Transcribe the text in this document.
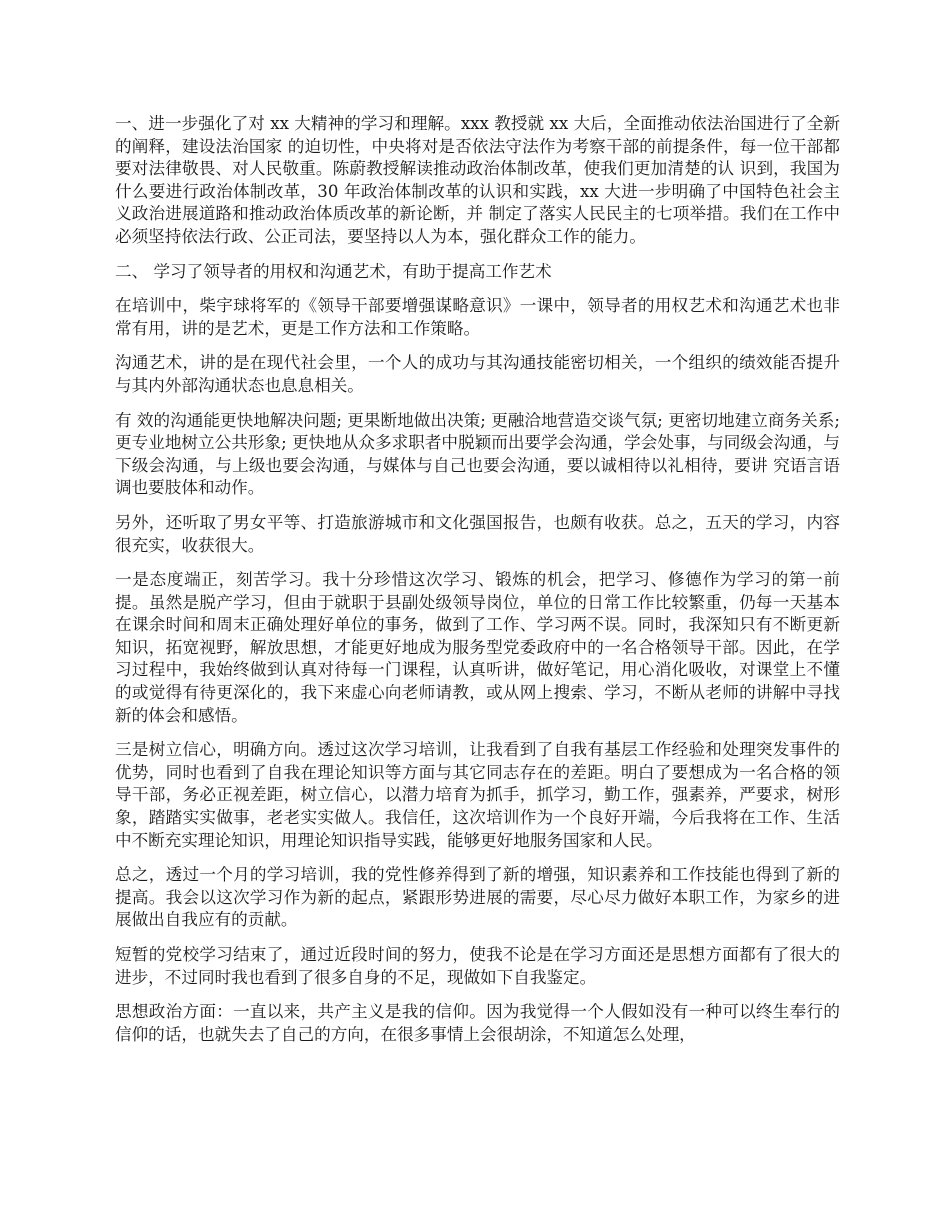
一、进一步强化了对 xx 大精神的学习和理解。xxx 教授就 xx 大后，全面推动依法治国进行了全新的阐释，建设法治国家 的迫切性，中央将对是否依法守法作为考察干部的前提条件，每一位干部都要对法律敬畏、对人民敬重。陈蔚教授解读推动政治体制改革，使我们更加清楚的认 识到，我国为什么要进行政治体制改革，30 年政治体制改革的认识和实践，xx 大进一步明确了中国特色社会主义政治进展道路和推动政治体质改革的新论断，并 制定了落实人民民主的七项举措。我们在工作中必须坚持依法行政、公正司法，要坚持以人为本，强化群众工作的能力。

二、 学习了领导者的用权和沟通艺术，有助于提高工作艺术

在培训中，柴宇球将军的《领导干部要增强谋略意识》一课中，领导者的用权艺术和沟通艺术也非常有用，讲的是艺术，更是工作方法和工作策略。

沟通艺术，讲的是在现代社会里，一个人的成功与其沟通技能密切相关，一个组织的绩效能否提升与其内外部沟通状态也息息相关。

有 效的沟通能更快地解决问题; 更果断地做出决策; 更融洽地营造交谈气氛; 更密切地建立商务关系; 更专业地树立公共形象; 更快地从众多求职者中脱颖而出要学会沟通，学会处事，与同级会沟通，与下级会沟通，与上级也要会沟通，与媒体与自己也要会沟通，要以诚相待以礼相待，要讲 究语言语调也要肢体和动作。

另外，还听取了男女平等、打造旅游城市和文化强国报告，也颇有收获。总之，五天的学习，内容很充实，收获很大。

一是态度端正，刻苦学习。我十分珍惜这次学习、锻炼的机会，把学习、修德作为学习的第一前提。虽然是脱产学习，但由于就职于县副处级领导岗位，单位的日常工作比较繁重，仍每一天基本在课余时间和周末正确处理好单位的事务，做到了工作、学习两不误。同时，我深知只有不断更新知识，拓宽视野，解放思想，才能更好地成为服务型党委政府中的一名合格领导干部。因此，在学习过程中，我始终做到认真对待每一门课程，认真听讲，做好笔记，用心消化吸收，对课堂上不懂的或觉得有待更深化的，我下来虚心向老师请教，或从网上搜索、学习，不断从老师的讲解中寻找新的体会和感悟。

三是树立信心，明确方向。透过这次学习培训，让我看到了自我有基层工作经验和处理突发事件的优势，同时也看到了自我在理论知识等方面与其它同志存在的差距。明白了要想成为一名合格的领导干部，务必正视差距，树立信心，以潜力培育为抓手，抓学习，勤工作，强素养，严要求，树形象，踏踏实实做事，老老实实做人。我信任，这次培训作为一个良好开端，今后我将在工作、生活中不断充实理论知识，用理论知识指导实践，能够更好地服务国家和人民。

总之，透过一个月的学习培训，我的党性修养得到了新的增强，知识素养和工作技能也得到了新的提高。我会以这次学习作为新的起点，紧跟形势进展的需要，尽心尽力做好本职工作，为家乡的进展做出自我应有的贡献。

短暂的党校学习结束了，通过近段时间的努力，使我不论是在学习方面还是思想方面都有了很大的进步，不过同时我也看到了很多自身的不足，现做如下自我鉴定。

思想政治方面：一直以来，共产主义是我的信仰。因为我觉得一个人假如没有一种可以终生奉行的信仰的话，也就失去了自己的方向，在很多事情上会很胡涂，不知道怎么处理，
